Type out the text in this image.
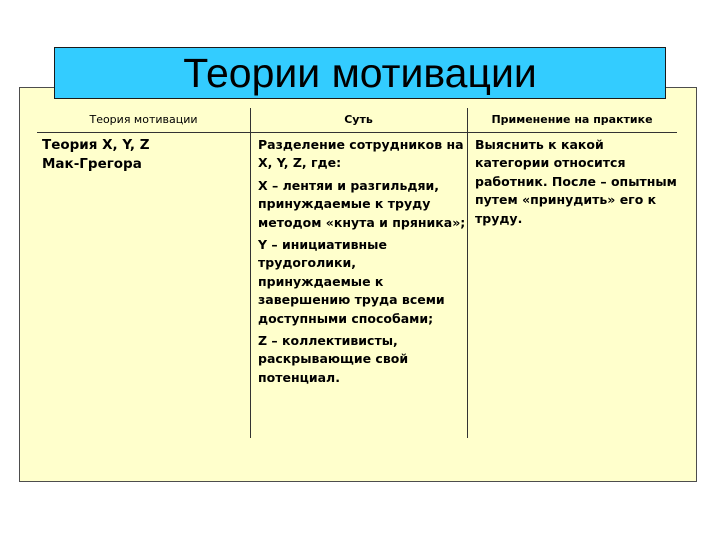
Теории мотивации
Теория мотивации	Суть	Применение на практике

Теория X, Y, Z

Мак-Грегора

Разделение сотрудников на X, Y, Z, где:

X – лентяи и разгильдяи, принуждаемые к труду методом «кнута и пряника»;

Y – инициативные трудоголики, принуждаемые к завершению труда всеми доступными способами;

Z – коллективисты, раскрывающие свой потенциал.

Выяснить к какой категории относится работник. После – опытным путем «принудить» его к труду.
